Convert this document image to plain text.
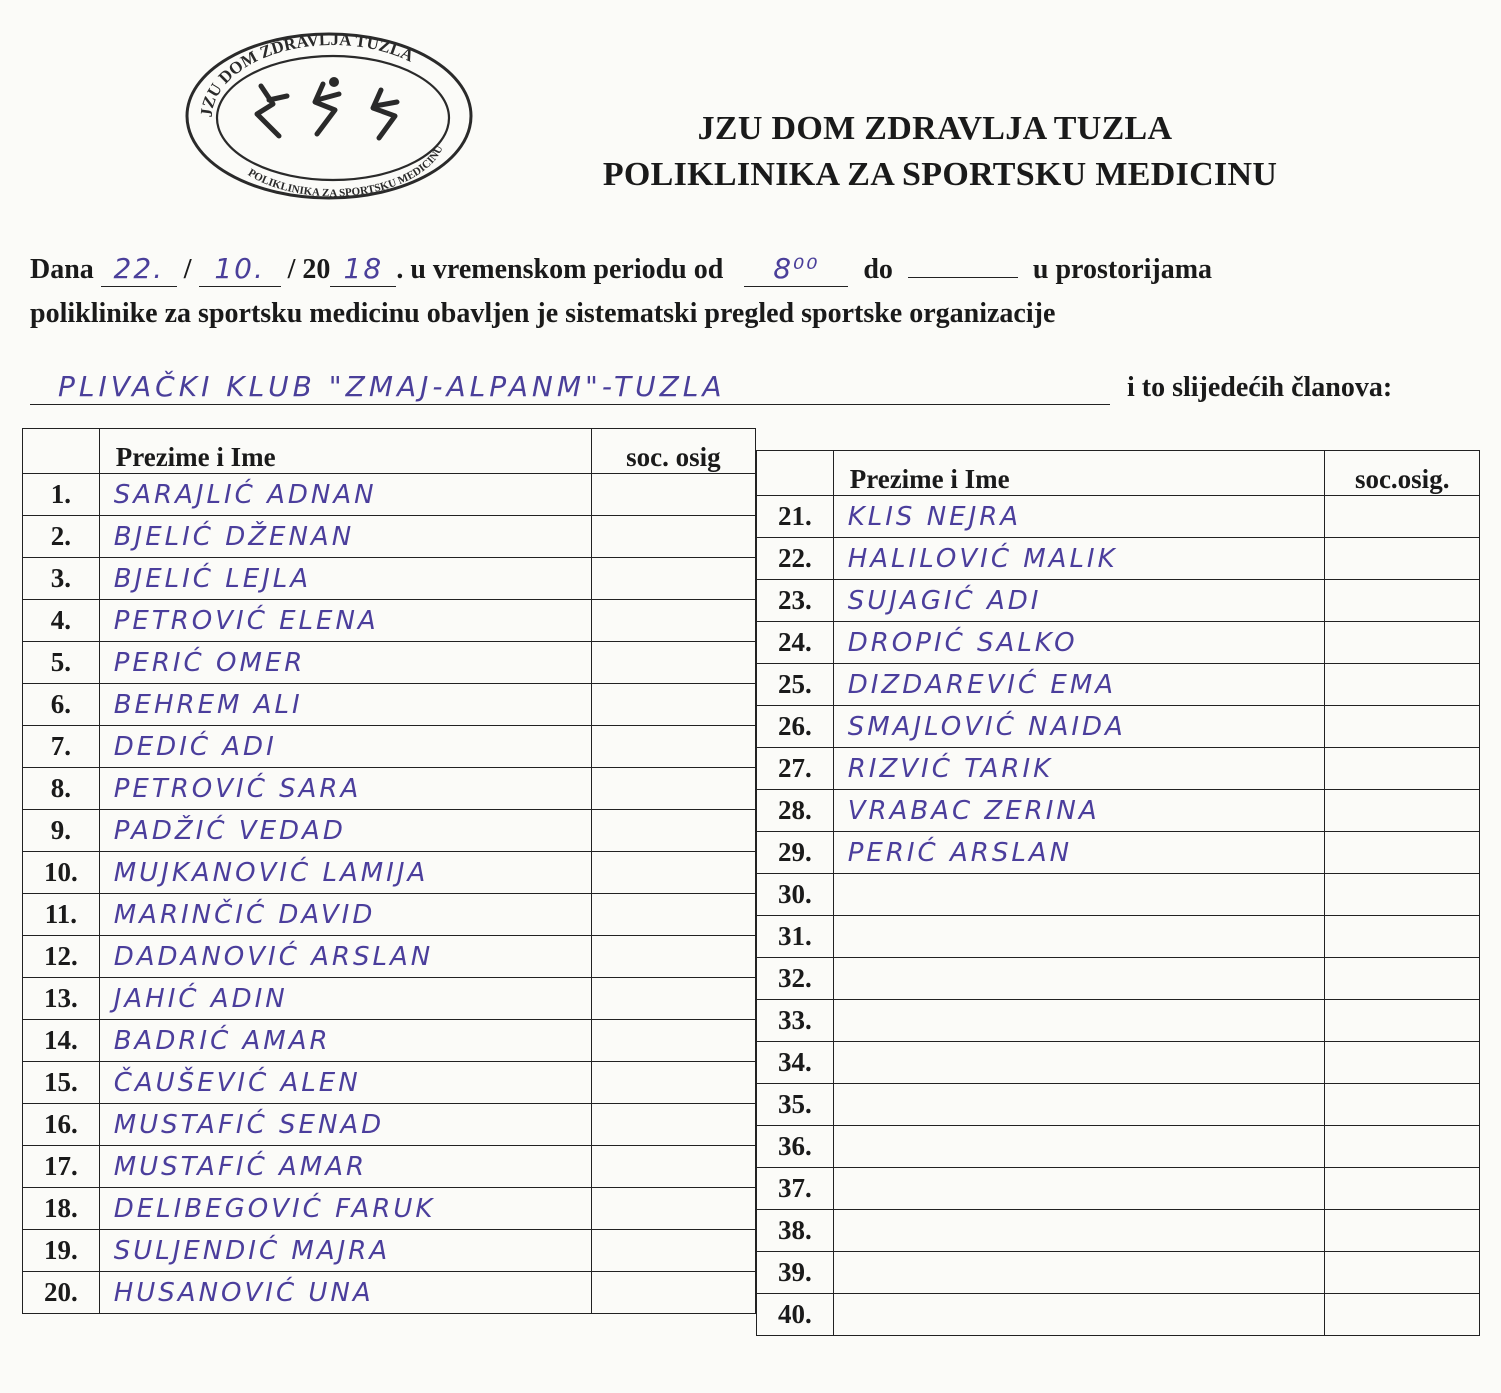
JZU DOM ZDRAVLJA TUZLA
POLIKLINIKA ZA SPORTSKU MEDICINU
JZU DOM ZDRAVLJA TUZLA
POLIKLINIKA ZA SPORTSKU MEDICINU
Dana 22. / 10. / 20 18 . u vremenskom periodu od 8⁰⁰ do	u prostorijama
poliklinike za sportsku medicinu obavljen je sistematski pregled sportske organizacije
PLIVAČKI KLUB "ZMAJ-ALPANM"-TUZLA	i to slijedećih članova:
	Prezime i Ime	soc. osig
1.	SARAJLIĆ ADNAN	
2.	BJELIĆ DŽENAN	
3.	BJELIĆ LEJLA	
4.	PETROVIĆ ELENA	
5.	PERIĆ OMER	
6.	BEHREM ALI	
7.	DEDIĆ ADI	
8.	PETROVIĆ SARA	
9.	PADŽIĆ VEDAD	
10.	MUJKANOVIĆ LAMIJA	
11.	MARINČIĆ DAVID	
12.	DADANOVIĆ ARSLAN	
13.	JAHIĆ ADIN	
14.	BADRIĆ AMAR	
15.	ČAUŠEVIĆ ALEN	
16.	MUSTAFIĆ SENAD	
17.	MUSTAFIĆ AMAR	
18.	DELIBEGOVIĆ FARUK	
19.	SULJENDIĆ MAJRA	
20.	HUSANOVIĆ UNA	
	Prezime i Ime	soc.osig.
21.	KLIS NEJRA	
22.	HALILOVIĆ MALIK	
23.	SUJAGIĆ ADI	
24.	DROPIĆ SALKO	
25.	DIZDAREVIĆ EMA	
26.	SMAJLOVIĆ NAIDA	
27.	RIZVIĆ TARIK	
28.	VRABAC ZERINA	
29.	PERIĆ ARSLAN	
30.		
31.		
32.		
33.		
34.		
35.		
36.		
37.		
38.		
39.		
40.		
